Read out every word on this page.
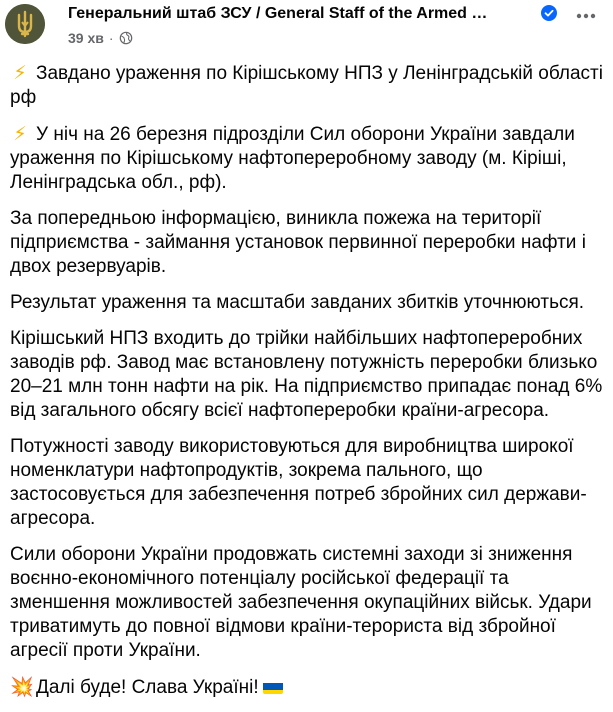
Генеральний штаб ЗСУ / General Staff of the Armed …
39 хв ·

⚡ Завдано ураження по Кірішському НПЗ у Ленінградській області рф

⚡ У ніч на 26 березня підрозділи Сил оборони України завдали ураження по Кірішському нафтопереробному заводу (м. Кіріші, Ленінградська обл., рф).

За попередньою інформацією, виникла пожежа на території підприємства - займання установок первинної переробки нафти і двох резервуарів.

Результат ураження та масштаби завданих збитків уточнюються.

Кірішський НПЗ входить до трійки найбільших нафтопереробних заводів рф. Завод має встановлену потужність переробки близько 20–21 млн тонн нафти на рік. На підприємство припадає понад 6% від загального обсягу всієї нафтопереробки країни-агресора.

Потужності заводу використовуються для виробництва широкої номенклатури нафтопродуктів, зокрема пального, що застосовується для забезпечення потреб збройних сил держави-агресора.

Сили оборони України продовжать системні заходи зі зниження воєнно-економічного потенціалу російської федерації та зменшення можливостей забезпечення окупаційних військ. Удари триватимуть до повної відмови країни-терориста від збройної агресії проти України.

💥 Далі буде! Слава Україні!
